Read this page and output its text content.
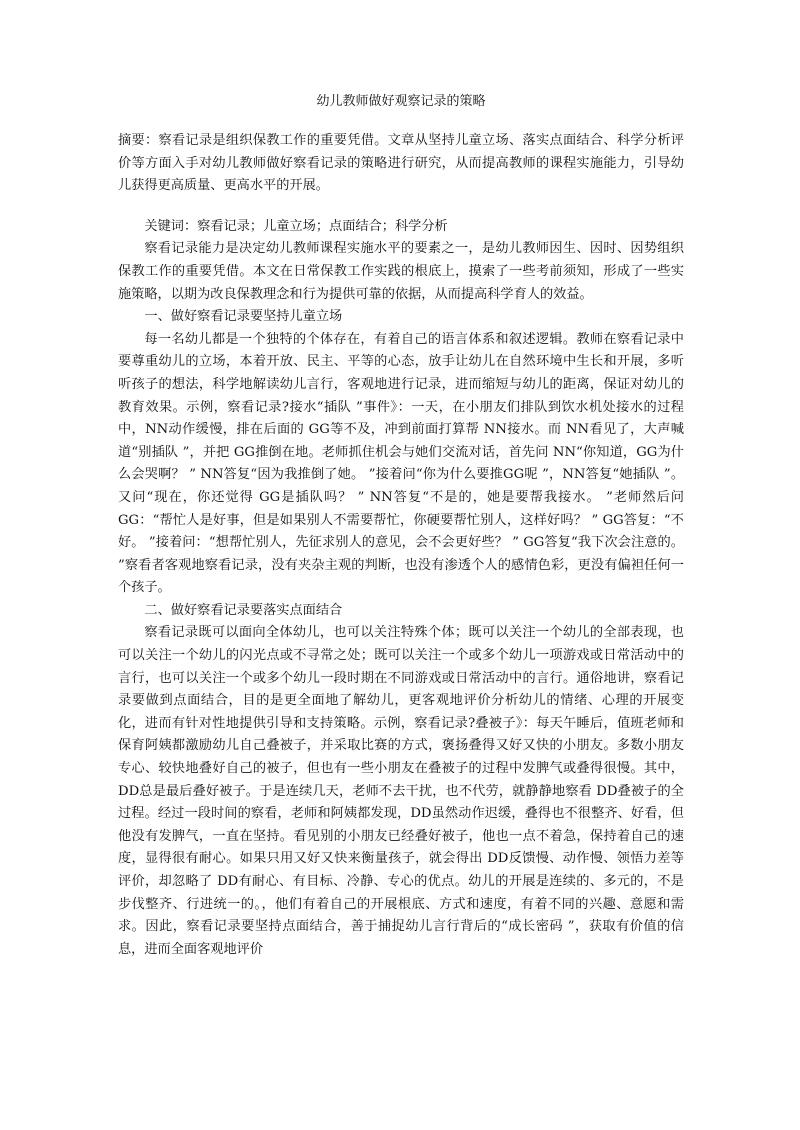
幼儿教师做好观察记录的策略

摘要：察看记录是组织保教工作的重要凭借。文章从坚持儿童立场、落实点面结合、科学分析评价等方面入手对幼儿教师做好察看记录的策略进行研究，从而提高教师的课程实施能力，引导幼儿获得更高质量、更高水平的开展。

关键词：察看记录；儿童立场；点面结合；科学分析

察看记录能力是决定幼儿教师课程实施水平的要素之一，是幼儿教师因生、因时、因势组织保教工作的重要凭借。本文在日常保教工作实践的根底上，摸索了一些考前须知，形成了一些实施策略，以期为改良保教理念和行为提供可靠的依据，从而提高科学育人的效益。

一、做好察看记录要坚持儿童立场

每一名幼儿都是一个独特的个体存在，有着自己的语言体系和叙述逻辑。教师在察看记录中要尊重幼儿的立场，本着开放、民主、平等的心态，放手让幼儿在自然环境中生长和开展，多听听孩子的想法，科学地解读幼儿言行，客观地进行记录，进而缩短与幼儿的距离，保证对幼儿的教育效果。示例，察看记录?接水“插队 ”事件》：一天，在小朋友们排队到饮水机处接水的过程中，NN动作缓慢，排在后面的 GG等不及，冲到前面打算帮 NN接水。而 NN看见了，大声喊道“别插队 ”，并把 GG推倒在地。老师抓住机会与她们交流对话，首先问 NN“你知道，GG为什么会哭啊？ ” NN答复“因为我推倒了她。 ”接着问“你为什么要推GG呢 ”，NN答复“她插队 ”。又问“现在，你还觉得 GG是插队吗？ ” NN答复“不是的，她是要帮我接水。 ”老师然后问 GG：“帮忙人是好事，但是如果别人不需要帮忙，你硬要帮忙别人，这样好吗？ ” GG答复：“不好。 ”接着问：“想帮忙别人，先征求别人的意见，会不会更好些？ ” GG答复“我下次会注意的。 ”察看者客观地察看记录，没有夹杂主观的判断，也没有渗透个人的感情色彩，更没有偏袒任何一个孩子。

二、做好察看记录要落实点面结合

察看记录既可以面向全体幼儿，也可以关注特殊个体；既可以关注一个幼儿的全部表现，也可以关注一个幼儿的闪光点或不寻常之处；既可以关注一个或多个幼儿一项游戏或日常活动中的言行，也可以关注一个或多个幼儿一段时期在不同游戏或日常活动中的言行。通俗地讲，察看记录要做到点面结合，目的是更全面地了解幼儿，更客观地评价分析幼儿的情绪、心理的开展变化，进而有针对性地提供引导和支持策略。示例，察看记录?叠被子》：每天午睡后，值班老师和保育阿姨都激励幼儿自己叠被子，并采取比赛的方式，褒扬叠得又好又快的小朋友。多数小朋友专心、较快地叠好自己的被子，但也有一些小朋友在叠被子的过程中发脾气或叠得很慢。其中，DD总是最后叠好被子。于是连续几天，老师不去干扰，也不代劳，就静静地察看 DD叠被子的全过程。经过一段时间的察看，老师和阿姨都发现，DD虽然动作迟缓，叠得也不很整齐、好看，但他没有发脾气，一直在坚持。看见别的小朋友已经叠好被子，他也一点不着急，保持着自己的速度，显得很有耐心。如果只用又好又快来衡量孩子，就会得出 DD反馈慢、动作慢、领悟力差等评价，却忽略了 DD有耐心、有目标、冷静、专心的优点。幼儿的开展是连续的、多元的，不是步伐整齐、行进统一的。，他们有着自己的开展根底、方式和速度，有着不同的兴趣、意愿和需求。因此，察看记录要坚持点面结合，善于捕捉幼儿言行背后的“成长密码 ”，获取有价值的信息，进而全面客观地评价
